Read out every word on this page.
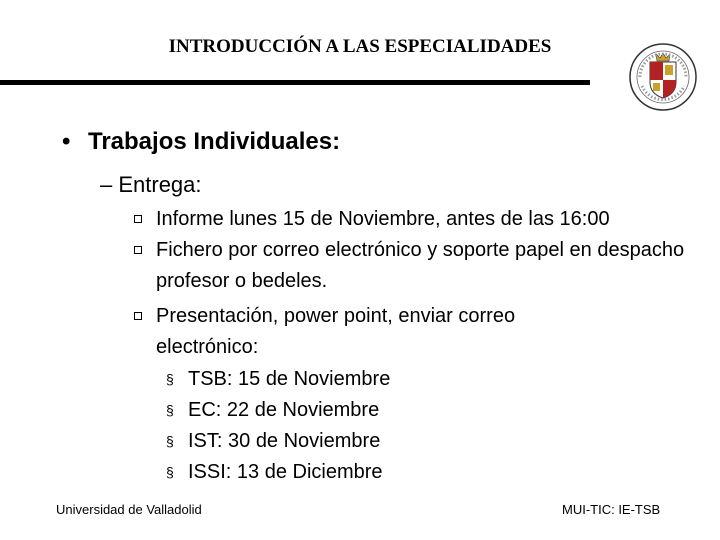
INTRODUCCIÓN A LAS ESPECIALIDADES
• Trabajos Individuales:
– Entrega:
Informe lunes 15 de Noviembre, antes de las 16:00
Fichero por correo electrónico y soporte papel en despacho profesor o bedeles.
Presentación, power point, enviar correo electrónico:
§ TSB: 15 de Noviembre
§ EC: 22 de Noviembre
§ IST: 30 de Noviembre
§ ISSI: 13 de Diciembre
Universidad de Valladolid	MUI-TIC: IE-TSB
